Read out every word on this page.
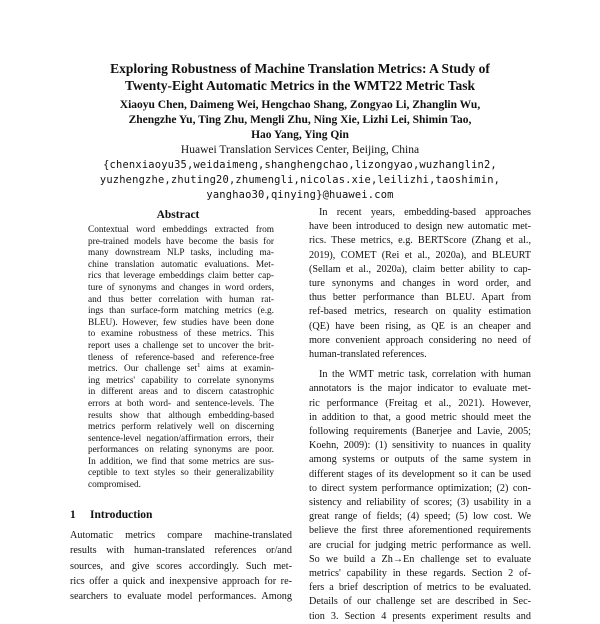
Exploring Robustness of Machine Translation Metrics: A Study of
Twenty-Eight Automatic Metrics in the WMT22 Metric Task
Xiaoyu Chen, Daimeng Wei, Hengchao Shang, Zongyao Li, Zhanglin Wu,
Zhengzhe Yu, Ting Zhu, Mengli Zhu, Ning Xie, Lizhi Lei, Shimin Tao,
Hao Yang, Ying Qin
Huawei Translation Services Center, Beijing, China
{chenxiaoyu35,weidaimeng,shanghengchao,lizongyao,wuzhanglin2,
yuzhengzhe,zhuting20,zhumengli,nicolas.xie,leilizhi,taoshimin,
yanghao30,qinying}@huawei.com
Abstract
Contextual word embeddings extracted from
pre-trained models have become the basis for
many downstream NLP tasks, including ma-
chine translation automatic evaluations. Met-
rics that leverage embeddings claim better cap-
ture of synonyms and changes in word orders,
and thus better correlation with human rat-
ings than surface-form matching metrics (e.g.
BLEU). However, few studies have been done
to examine robustness of these metrics. This
report uses a challenge set to uncover the brit-
tleness of reference-based and reference-free
metrics. Our challenge set$^1$ aims at examin-
ing metrics' capability to correlate synonyms
in different areas and to discern catastrophic
errors at both word- and sentence-levels. The
results show that although embedding-based
metrics perform relatively well on discerning
sentence-level negation/affirmation errors, their
performances on relating synonyms are poor.
In addition, we find that some metrics are sus-
ceptible to text styles so their generalizability
compromised.
1 Introduction
Automatic metrics compare machine-translated
results with human-translated references or/and
sources, and give scores accordingly. Such met-
rics offer a quick and inexpensive approach for re-
searchers to evaluate model performances. Among
In recent years, embedding-based approaches
have been introduced to design new automatic met-
rics. These metrics, e.g. BERTScore (Zhang et al.,
2019), COMET (Rei et al., 2020a), and BLEURT
(Sellam et al., 2020a), claim better ability to cap-
ture synonyms and changes in word order, and
thus better performance than BLEU. Apart from
ref-based metrics, research on quality estimation
(QE) have been rising, as QE is an cheaper and
more convenient approach considering no need of
human-translated references.
In the WMT metric task, correlation with human
annotators is the major indicator to evaluate met-
ric performance (Freitag et al., 2021). However,
in addition to that, a good metric should meet the
following requirements (Banerjee and Lavie, 2005;
Koehn, 2009): (1) sensitivity to nuances in quality
among systems or outputs of the same system in
different stages of its development so it can be used
to direct system performance optimization; (2) con-
sistency and reliability of scores; (3) usability in a
great range of fields; (4) speed; (5) low cost. We
believe the first three aforementioned requirements
are crucial for judging metric performance as well.
So we build a Zh→En challenge set to evaluate
metrics' capability in these regards. Section 2 of-
fers a brief description of metrics to be evaluated.
Details of our challenge set are described in Sec-
tion 3. Section 4 presents experiment results and
